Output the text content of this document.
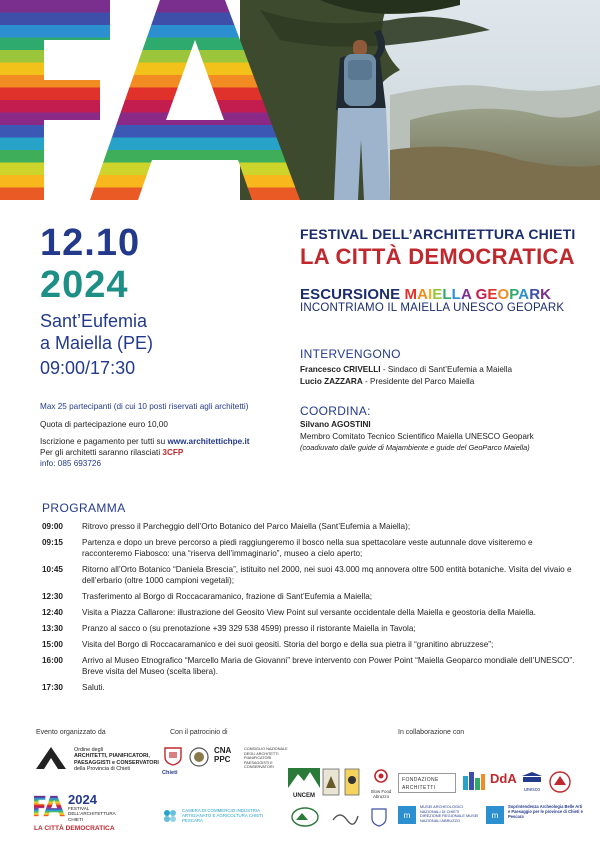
12.10
2024
Sant’Eufemia
a Maiella (PE)
09:00/17:30
FESTIVAL DELL’ARCHITETTURA CHIETI
LA CITTÀ DEMOCRATICA
ESCURSIONE MAIELLA GEOPARK
INCONTRIAMO IL MAIELLA UNESCO GEOPARK
INTERVENGONO
Francesco CRIVELLI - Sindaco di Sant’Eufemia a Maiella
Lucio ZAZZARA - Presidente del Parco Maiella
COORDINA:
Silvano AGOSTINI
Membro Comitato Tecnico Scientifico Maiella UNESCO Geopark
(coadiuvato dalle guide di Majambiente e guide del GeoParco Maiella)
Max 25 partecipanti (di cui 10 posti riservati agli architetti)
Quota di partecipazione euro 10,00
Iscrizione e pagamento per tutti su www.architettichpe.it
Per gli architetti saranno rilasciati 3CFP
info: 085 693726
PROGRAMMA
09:00	Ritrovo presso il Parcheggio dell’Orto Botanico del Parco Maiella (Sant’Eufemia a Maiella);
09:15	Partenza e dopo un breve percorso a piedi raggiungeremo il bosco nella sua spettacolare veste autunnale dove visiteremo e racconteremo Fiabosco: una “riserva dell’immaginario”, museo a cielo aperto;
10:45	Ritorno all’Orto Botanico “Daniela Brescia”, istituito nel 2000, nei suoi 43.000 mq annovera oltre 500 entità botaniche. Visita del vivaio e dell’erbario (oltre 1000 campioni vegetali);
12:30	Trasferimento al Borgo di Roccacaramanico, frazione di Sant’Eufemia a Maiella;
12:40	Visita a Piazza Callarone: illustrazione del Geosito View Point sul versante occidentale della Maiella e geostoria della Maiella.
13:30	Pranzo al sacco o (su prenotazione +39 329 538 4599) presso il ristorante Maiella in Tavola;
15:00	Visita del Borgo di Roccacaramanico e dei suoi geositi. Storia del borgo e della sua pietra il “granitino abruzzese”;
16:00	Arrivo al Museo Etnografico “Marcello Maria de Giovanni” breve intervento con Power Point “Maiella Geoparco mondiale dell’UNESCO”. Breve visita del Museo (scelta libera).
17:30	Saluti.
Evento organizzato da	Con il patrocinio di	In collaborazione con
Ordine degli
ARCHITETTI, PIANIFICATORI,
PAESAGGISTI e CONSERVATORI
della Provincia di Chieti
2024
FESTIVAL
DELL’ARCHITETTURA
CHIETI
LA CITTÀ DEMOCRATICA
Chieti
CNA PPC
CONSIGLIO NAZIONALE DEGLI ARCHITETTI PIANIFICATORI PAESAGGISTI E CONSERVATORI
CAMERA DI COMMERCIO INDUSTRIA ARTIGIANATO E AGRICOLTURA CHIETI PESCARA
UNCEM
Slow Food Abruzzo
FONDAZIONE ARCHITETTI
DdA
unesco
m
MUSEI ARCHEOLOGICI NAZIONALI DI CHIETI DIREZIONE REGIONALE MUSEI NAZIONALI ABRUZZO
m
Soprintendenza Archeologia Belle Arti e Paesaggio per le province di Chieti e Pescara
